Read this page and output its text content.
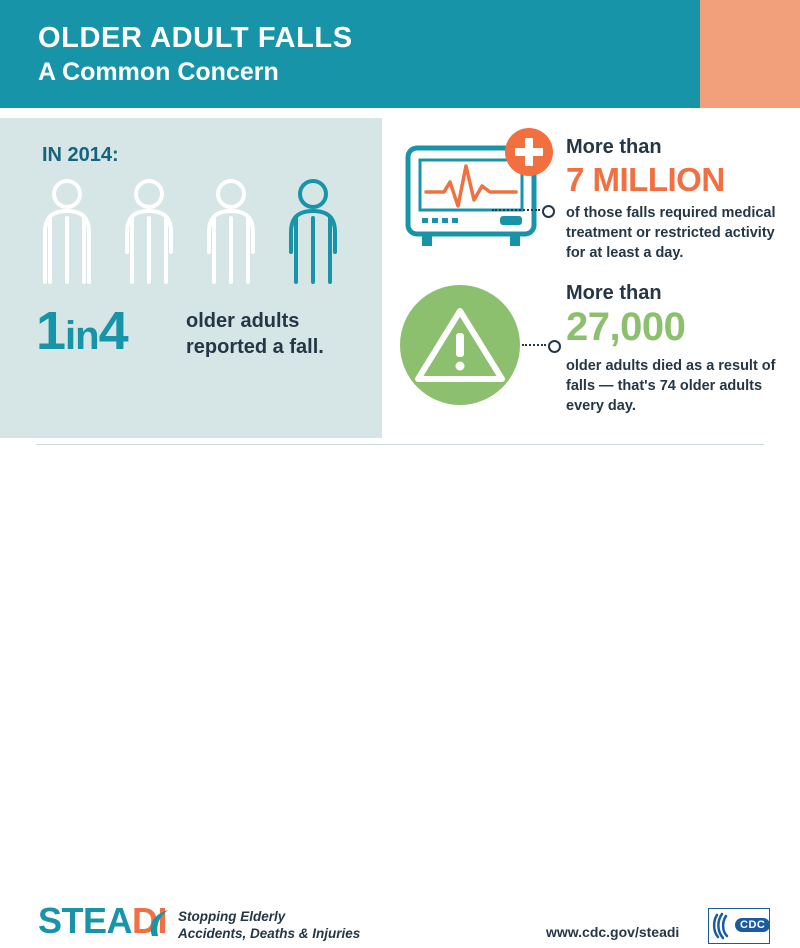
OLDER ADULT FALLS
A Common Concern
IN 2014:
1in4	older adults reported a fall.
More than
7 MILLION
of those falls required medical treatment or restricted activity for at least a day.
More than
27,000
older adults died as a result of falls — that's 74 older adults every day.
STEADI Stopping Elderly
Accidents, Deaths & Injuries	www.cdc.gov/steadi	CDC
